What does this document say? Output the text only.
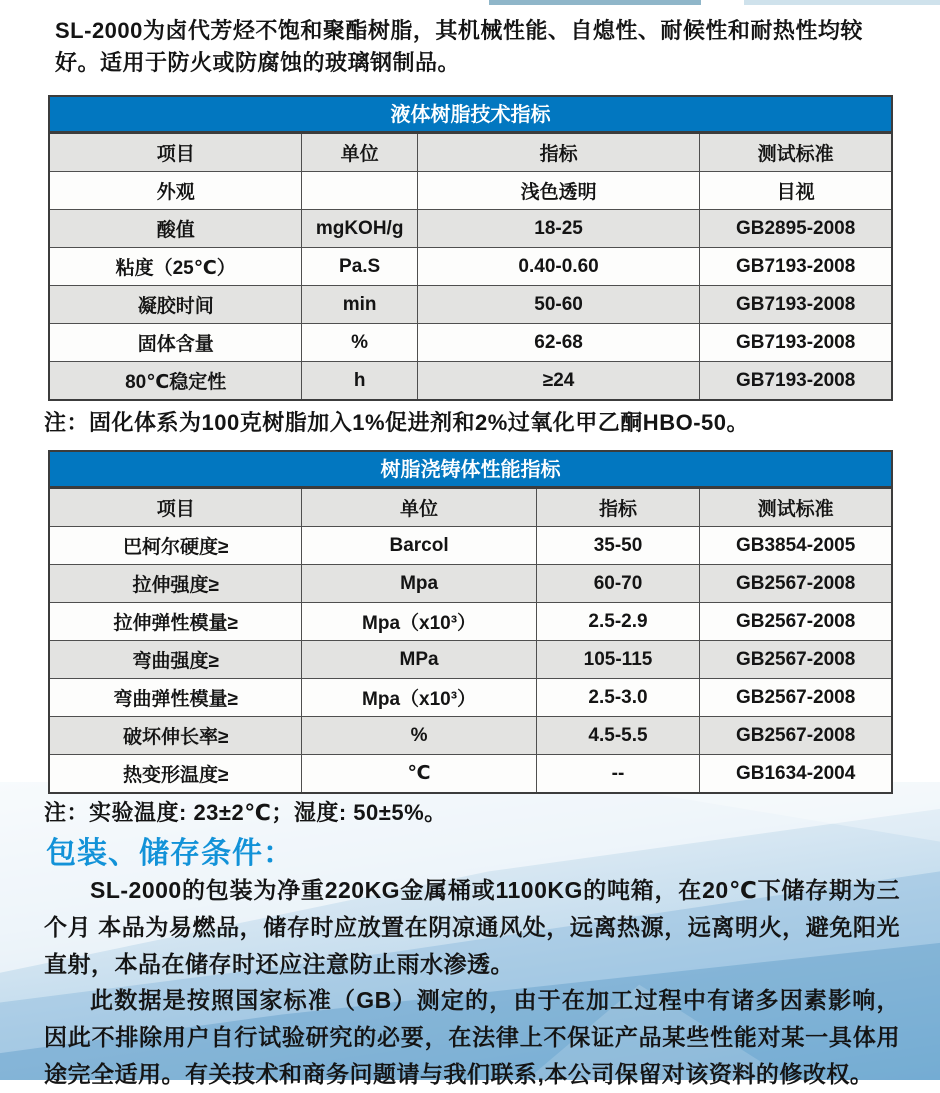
SL-2000为卤代芳烃不饱和聚酯树脂，其机械性能、自熄性、耐候性和耐热性均较好。适用于防火或防腐蚀的玻璃钢制品。
液体树脂技术指标
项目	单位	指标	测试标准
外观		浅色透明	目视
酸值	mgKOH/g	18-25	GB2895-2008
粘度（25℃）	Pa.S	0.40-0.60	GB7193-2008
凝胶时间	min	50-60	GB7193-2008
固体含量	%	62-68	GB7193-2008
80℃稳定性	h	≥24	GB7193-2008
注：固化体系为100克树脂加入1%促进剂和2%过氧化甲乙酮HBO-50。
树脂浇铸体性能指标
项目	单位	指标	测试标准
巴柯尔硬度≥	Barcol	35-50	GB3854-2005
拉伸强度≥	Mpa	60-70	GB2567-2008
拉伸弹性模量≥	Mpa（x10³）	2.5-2.9	GB2567-2008
弯曲强度≥	MPa	105-115	GB2567-2008
弯曲弹性模量≥	Mpa（x10³）	2.5-3.0	GB2567-2008
破坏伸长率≥	%	4.5-5.5	GB2567-2008
热变形温度≥	℃	--	GB1634-2004
注：实验温度: 23±2℃；湿度: 50±5%。
包装、储存条件：
SL-2000的包装为净重220KG金属桶或1100KG的吨箱，在20℃下储存期为三个月 本品为易燃品，储存时应放置在阴凉通风处，远离热源，远离明火，避免阳光直射，本品在储存时还应注意防止雨水渗透。
此数据是按照国家标准（GB）测定的，由于在加工过程中有诸多因素影响，因此不排除用户自行试验研究的必要，在法律上不保证产品某些性能对某一具体用途完全适用。有关技术和商务问题请与我们联系,本公司保留对该资料的修改权。
